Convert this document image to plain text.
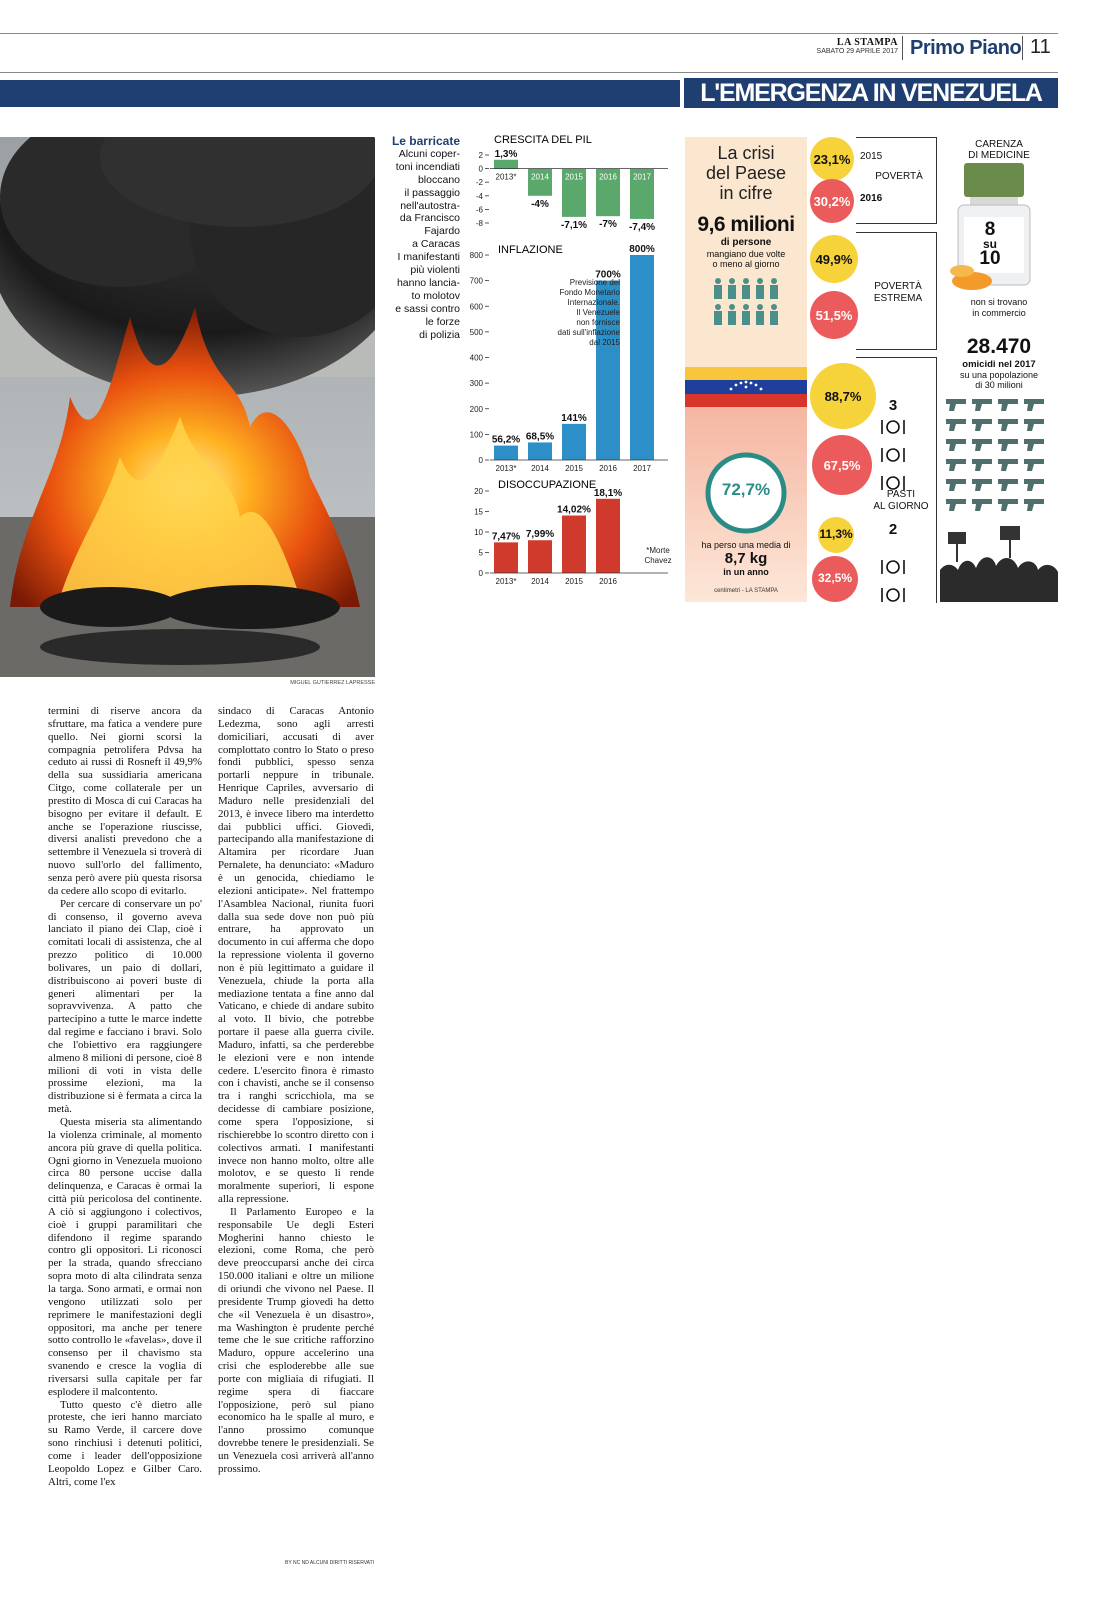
LA STAMPA
SABATO 29 APRILE 2017 Primo Piano 11
L'EMERGENZA IN VENEZUELA
MIGUEL GUTIERREZ LAPRESSE
Le barricate
Alcuni coper-
toni incendiati
bloccano
il passaggio
nell'autostra-
da Francisco
Fajardo
a Caracas
I manifestanti
più violenti
hanno lancia-
to molotov
e sassi contro
le forze
di polizia
CRESCITA DEL PIL
2
0
-2
-4
-6
-8
1,3%
2013*
-4%
2014
-7,1%
2015
-7%
2016
-7,4%
2017
INFLAZIONE
800
700
600
500
400
300
200
100
0
56,2%
2013*
68,5%
2014
141%
2015
700%
2016
800%
2017
Previsione del
Fondo Monetario
Internazionale.
Il Venezuele
non fornisce
dati sull'inflazione
dal 2015
DISOCCUPAZIONE
20
15
10
5
0
7,47%
2013*
7,99%
2014
14,02%
2015
18,1%
2016
*Morte
Chavez
La crisi
del Paese
in cifre
9,6 milioni
di persone
mangiano due volte
o meno al giorno
72,7%
ha perso una media di
8,7 kg
in un anno
centimetri - LA STAMPA
23,1%
30,2%
2015
POVERTÀ
2016
49,9%
51,5%
POVERTÀ
ESTREMA
88,7%
67,5%
3
PASTI
AL GIORNO
11,3%
32,5%
2
CARENZA
DI MEDICINE
8
su
10
non si trovano
in commercio
28.470
omicidi nel 2017
su una popolazione
di 30 milioni

termini di riserve ancora da sfruttare, ma fatica a vendere pure quello. Nei giorni scorsi la compagnia petrolifera Pdvsa ha ceduto ai russi di Rosneft il 49,9% della sua sussidiaria americana Citgo, come collaterale per un prestito di Mosca di cui Caracas ha bisogno per evitare il default. E anche se l'operazione riuscisse, diversi analisti prevedono che a settembre il Venezuela si troverà di nuovo sull'orlo del fallimento, senza però avere più questa risorsa da cedere allo scopo di evitarlo.

Per cercare di conservare un po' di consenso, il governo aveva lanciato il piano dei Clap, cioè i comitati locali di assistenza, che al prezzo politico di 10.000 bolivares, un paio di dollari, distribuiscono ai poveri buste di generi alimentari per la sopravvivenza. A patto che partecipino a tutte le marce indette dal regime e facciano i bravi. Solo che l'obiettivo era raggiungere almeno 8 milioni di persone, cioè 8 milioni di voti in vista delle prossime elezioni, ma la distribuzione si è fermata a circa la metà.

Questa miseria sta alimentando la violenza criminale, al momento ancora più grave di quella politica. Ogni giorno in Venezuela muoiono circa 80 persone uccise dalla delinquenza, e Caracas è ormai la città più pericolosa del continente. A ciò si aggiungono i colectivos, cioè i gruppi paramilitari che difendono il regime sparando contro gli oppositori. Li riconosci per la strada, quando sfrecciano sopra moto di alta cilindrata senza la targa. Sono armati, e ormai non vengono utilizzati solo per reprimere le manifestazioni degli oppositori, ma anche per tenere sotto controllo le «favelas», dove il consenso per il chavismo sta svanendo e cresce la voglia di riversarsi sulla capitale per far esplodere il malcontento.

Tutto questo c'è dietro alle proteste, che ieri hanno marciato su Ramo Verde, il carcere dove sono rinchiusi i detenuti politici, come i leader dell'opposizione Leopoldo Lopez e Gilber Caro. Altri, come l'ex

sindaco di Caracas Antonio Ledezma, sono agli arresti domiciliari, accusati di aver complottato contro lo Stato o preso fondi pubblici, spesso senza portarli neppure in tribunale. Henrique Capriles, avversario di Maduro nelle presidenziali del 2013, è invece libero ma interdetto dai pubblici uffici. Giovedì, partecipando alla manifestazione di Altamira per ricordare Juan Pernalete, ha denunciato: «Maduro è un genocida, chiediamo le elezioni anticipate». Nel frattempo l'Asamblea Nacional, riunita fuori dalla sua sede dove non può più entrare, ha approvato un documento in cui afferma che dopo la repressione violenta il governo non è più legittimato a guidare il Venezuela, chiude la porta alla mediazione tentata a fine anno dal Vaticano, e chiede di andare subito al voto. Il bivio, che potrebbe portare il paese alla guerra civile. Maduro, infatti, sa che perderebbe le elezioni vere e non intende cedere. L'esercito finora è rimasto con i chavisti, anche se il consenso tra i ranghi scricchiola, ma se decidesse di cambiare posizione, come spera l'opposizione, si rischierebbe lo scontro diretto con i colectivos armati. I manifestanti invece non hanno molto, oltre alle molotov, e se questo li rende moralmente superiori, li espone alla repressione.

Il Parlamento Europeo e la responsabile Ue degli Esteri Mogherini hanno chiesto le elezioni, come Roma, che però deve preoccuparsi anche dei circa 150.000 italiani e oltre un milione di oriundi che vivono nel Paese. Il presidente Trump giovedì ha detto che «il Venezuela è un disastro», ma Washington è prudente perché teme che le sue critiche rafforzino Maduro, oppure accelerino una crisi che esploderebbe alle sue porte con migliaia di rifugiati. Il regime spera di fiaccare l'opposizione, però sul piano economico ha le spalle al muro, e l'anno prossimo comunque dovrebbe tenere le presidenziali. Se un Venezuela così arriverà all'anno prossimo.

BY NC ND ALCUNI DIRITTI RISERVATI
